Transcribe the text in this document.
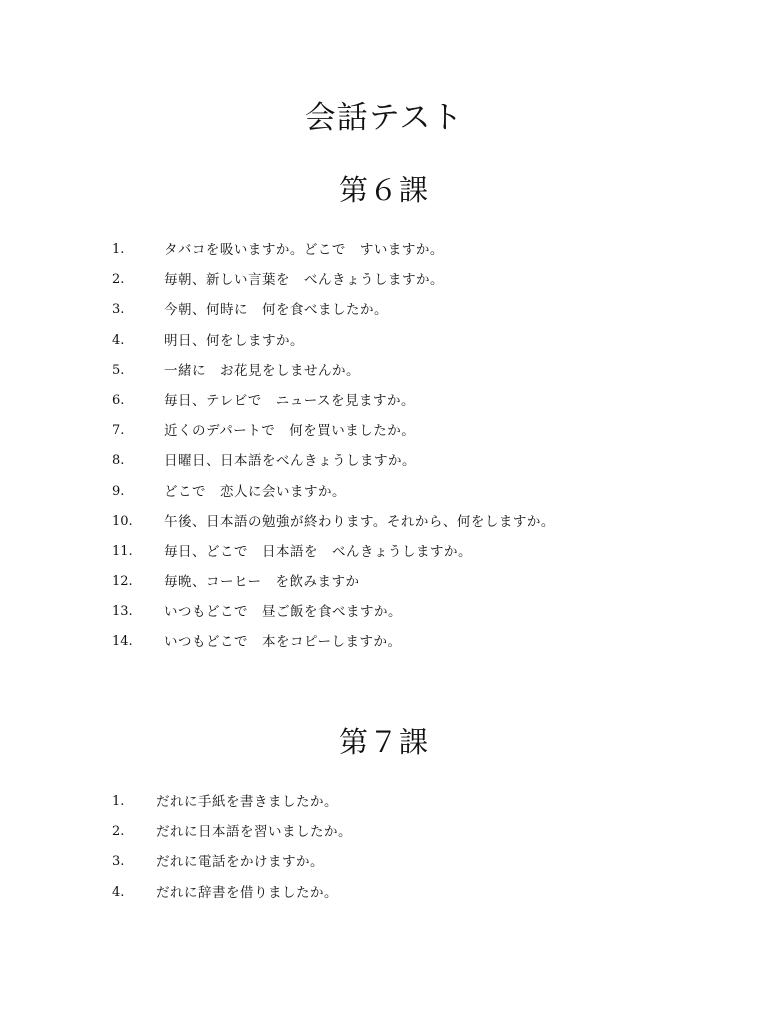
会話テスト
第６課
1.	タバコを吸いますか。どこで　すいますか。
2.	毎朝、新しい言葉を　べんきょうしますか。
3.	今朝、何時に　何を食べましたか。
4.	明日、何をしますか。
5.	一緒に　お花見をしませんか。
6.	毎日、テレビで　ニュースを見ますか。
7.	近くのデパートで　何を買いましたか。
8.	日曜日、日本語をべんきょうしますか。
9.	どこで　恋人に会いますか。
10.	午後、日本語の勉強が終わります。それから、何をしますか。
11.	毎日、どこで　日本語を　べんきょうしますか。
12.	毎晩、コーヒー　を飲みますか
13.	いつもどこで　昼ご飯を食べますか。
14.	いつもどこで　本をコピーしますか。
第７課
1.	だれに手紙を書きましたか。
2.	だれに日本語を習いましたか。
3.	だれに電話をかけますか。
4.	だれに辞書を借りましたか。
